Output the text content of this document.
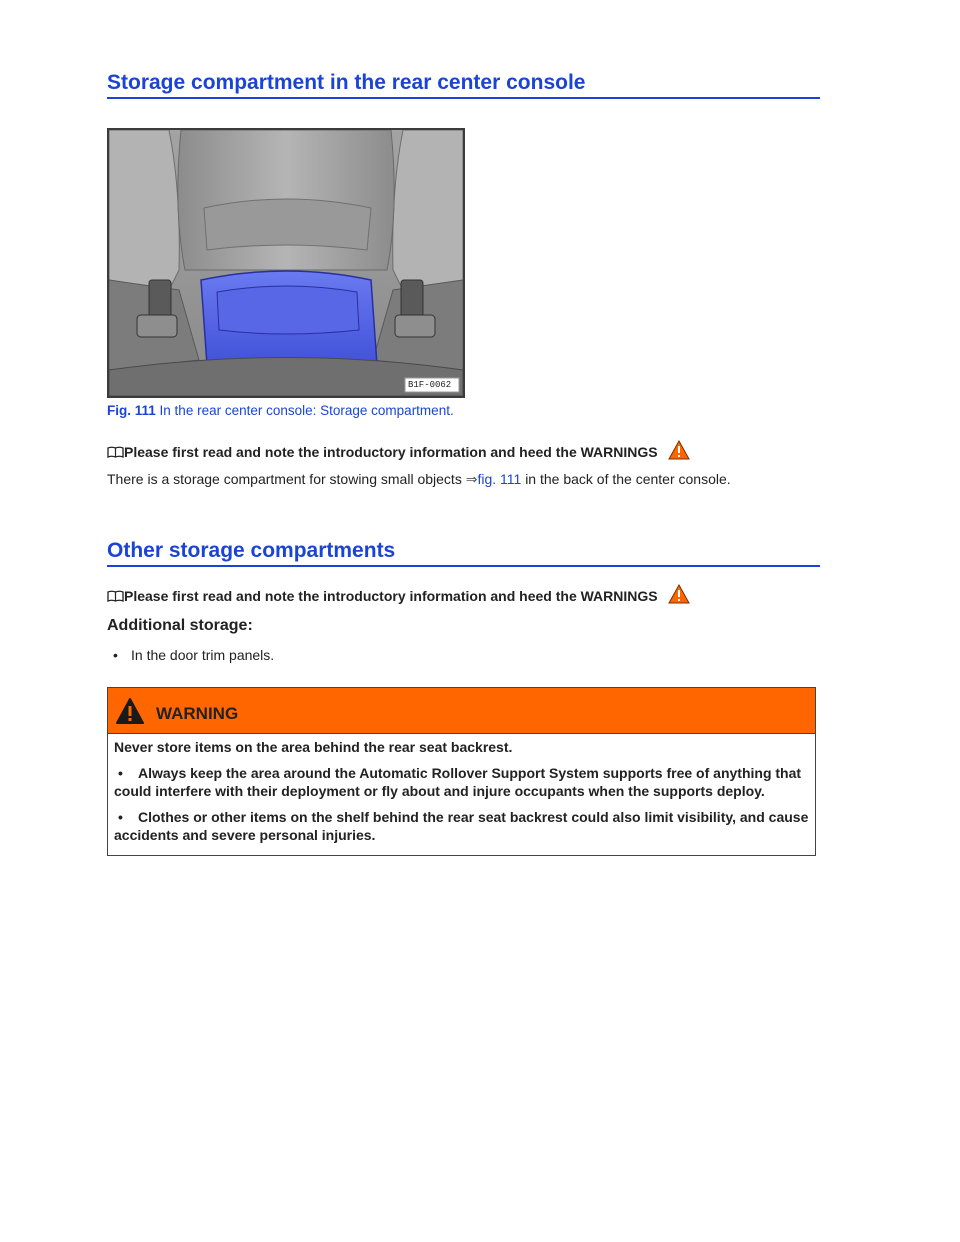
Storage compartment in the rear center console
B1F-0062
Fig. 111 In the rear center console: Storage compartment.
Please first read and note the introductory information and heed the WARNINGS
There is a storage compartment for stowing small objects ⇒fig. 111 in the back of the center console.
Other storage compartments
Please first read and note the introductory information and heed the WARNINGS
Additional storage:
• In the door trim panels.
WARNING

Never store items on the area behind the rear seat backrest.

• Always keep the area around the Automatic Rollover Support System supports free of anything that could interfere with their deployment or fly about and injure occupants when the supports deploy.

• Clothes or other items on the shelf behind the rear seat backrest could also limit visibility, and cause accidents and severe personal injuries.
